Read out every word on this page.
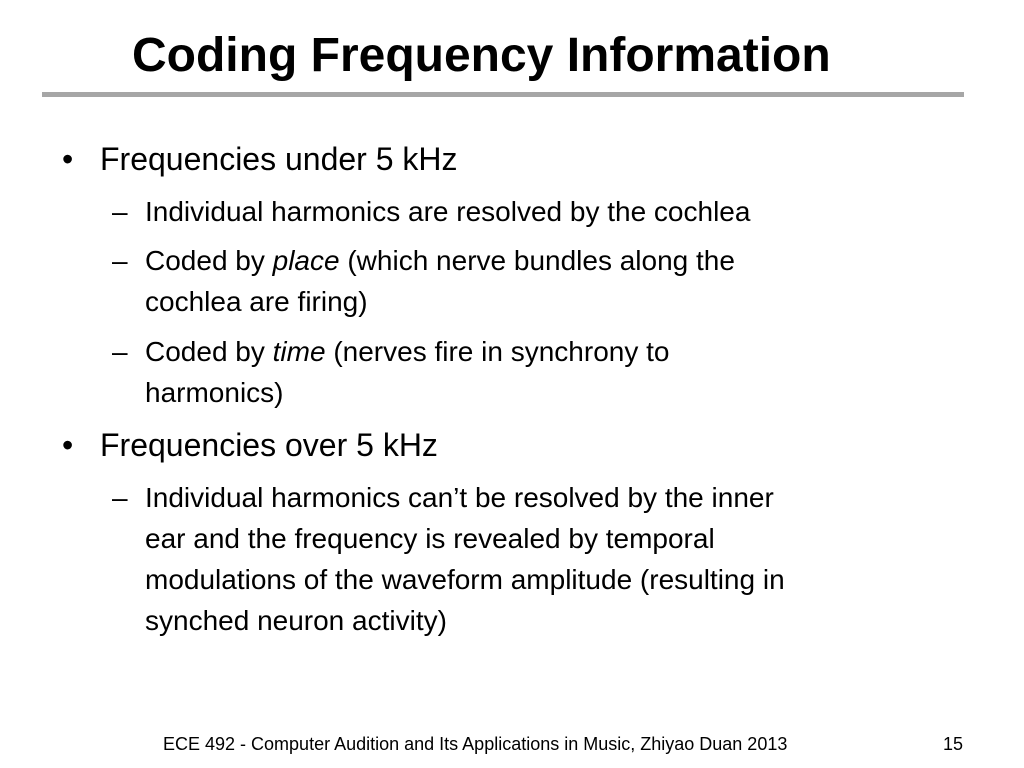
Coding Frequency Information
• Frequencies under 5 kHz
– Individual harmonics are resolved by the cochlea
– Coded by place (which nerve bundles along the
cochlea are firing)
– Coded by time (nerves fire in synchrony to
harmonics)
• Frequencies over 5 kHz
– Individual harmonics can’t be resolved by the inner
ear and the frequency is revealed by temporal
modulations of the waveform amplitude (resulting in
synched neuron activity)
ECE 492 - Computer Audition and Its Applications in Music, Zhiyao Duan 2013	15
